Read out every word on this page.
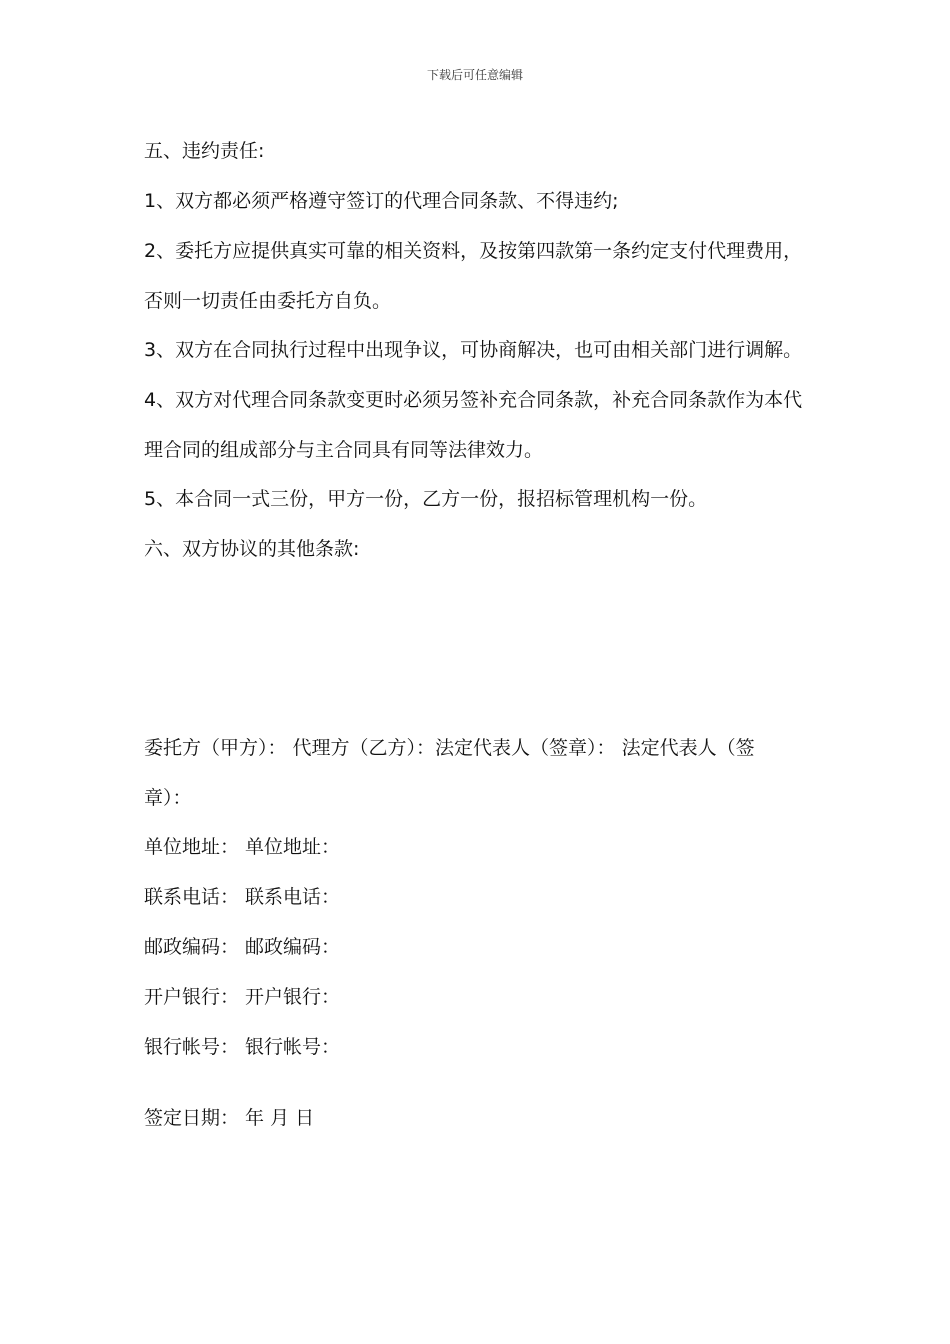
下载后可任意编辑
五、违约责任:
1、双方都必须严格遵守签订的代理合同条款、不得违约;
2、委托方应提供真实可靠的相关资料，及按第四款第一条约定支付代理费用，
否则一切责任由委托方自负。
3、双方在合同执行过程中出现争议，可协商解决，也可由相关部门进行调解。
4、双方对代理合同条款变更时必须另签补充合同条款，补充合同条款作为本代
理合同的组成部分与主合同具有同等法律效力。
5、本合同一式三份，甲方一份，乙方一份，报招标管理机构一份。
六、双方协议的其他条款:
委托方（甲方）： 代理方（乙方）：法定代表人（签章）： 法定代表人（签
章）：
单位地址： 单位地址：
联系电话： 联系电话：
邮政编码： 邮政编码：
开户银行： 开户银行：
银行帐号： 银行帐号：
签定日期： 年 月 日
